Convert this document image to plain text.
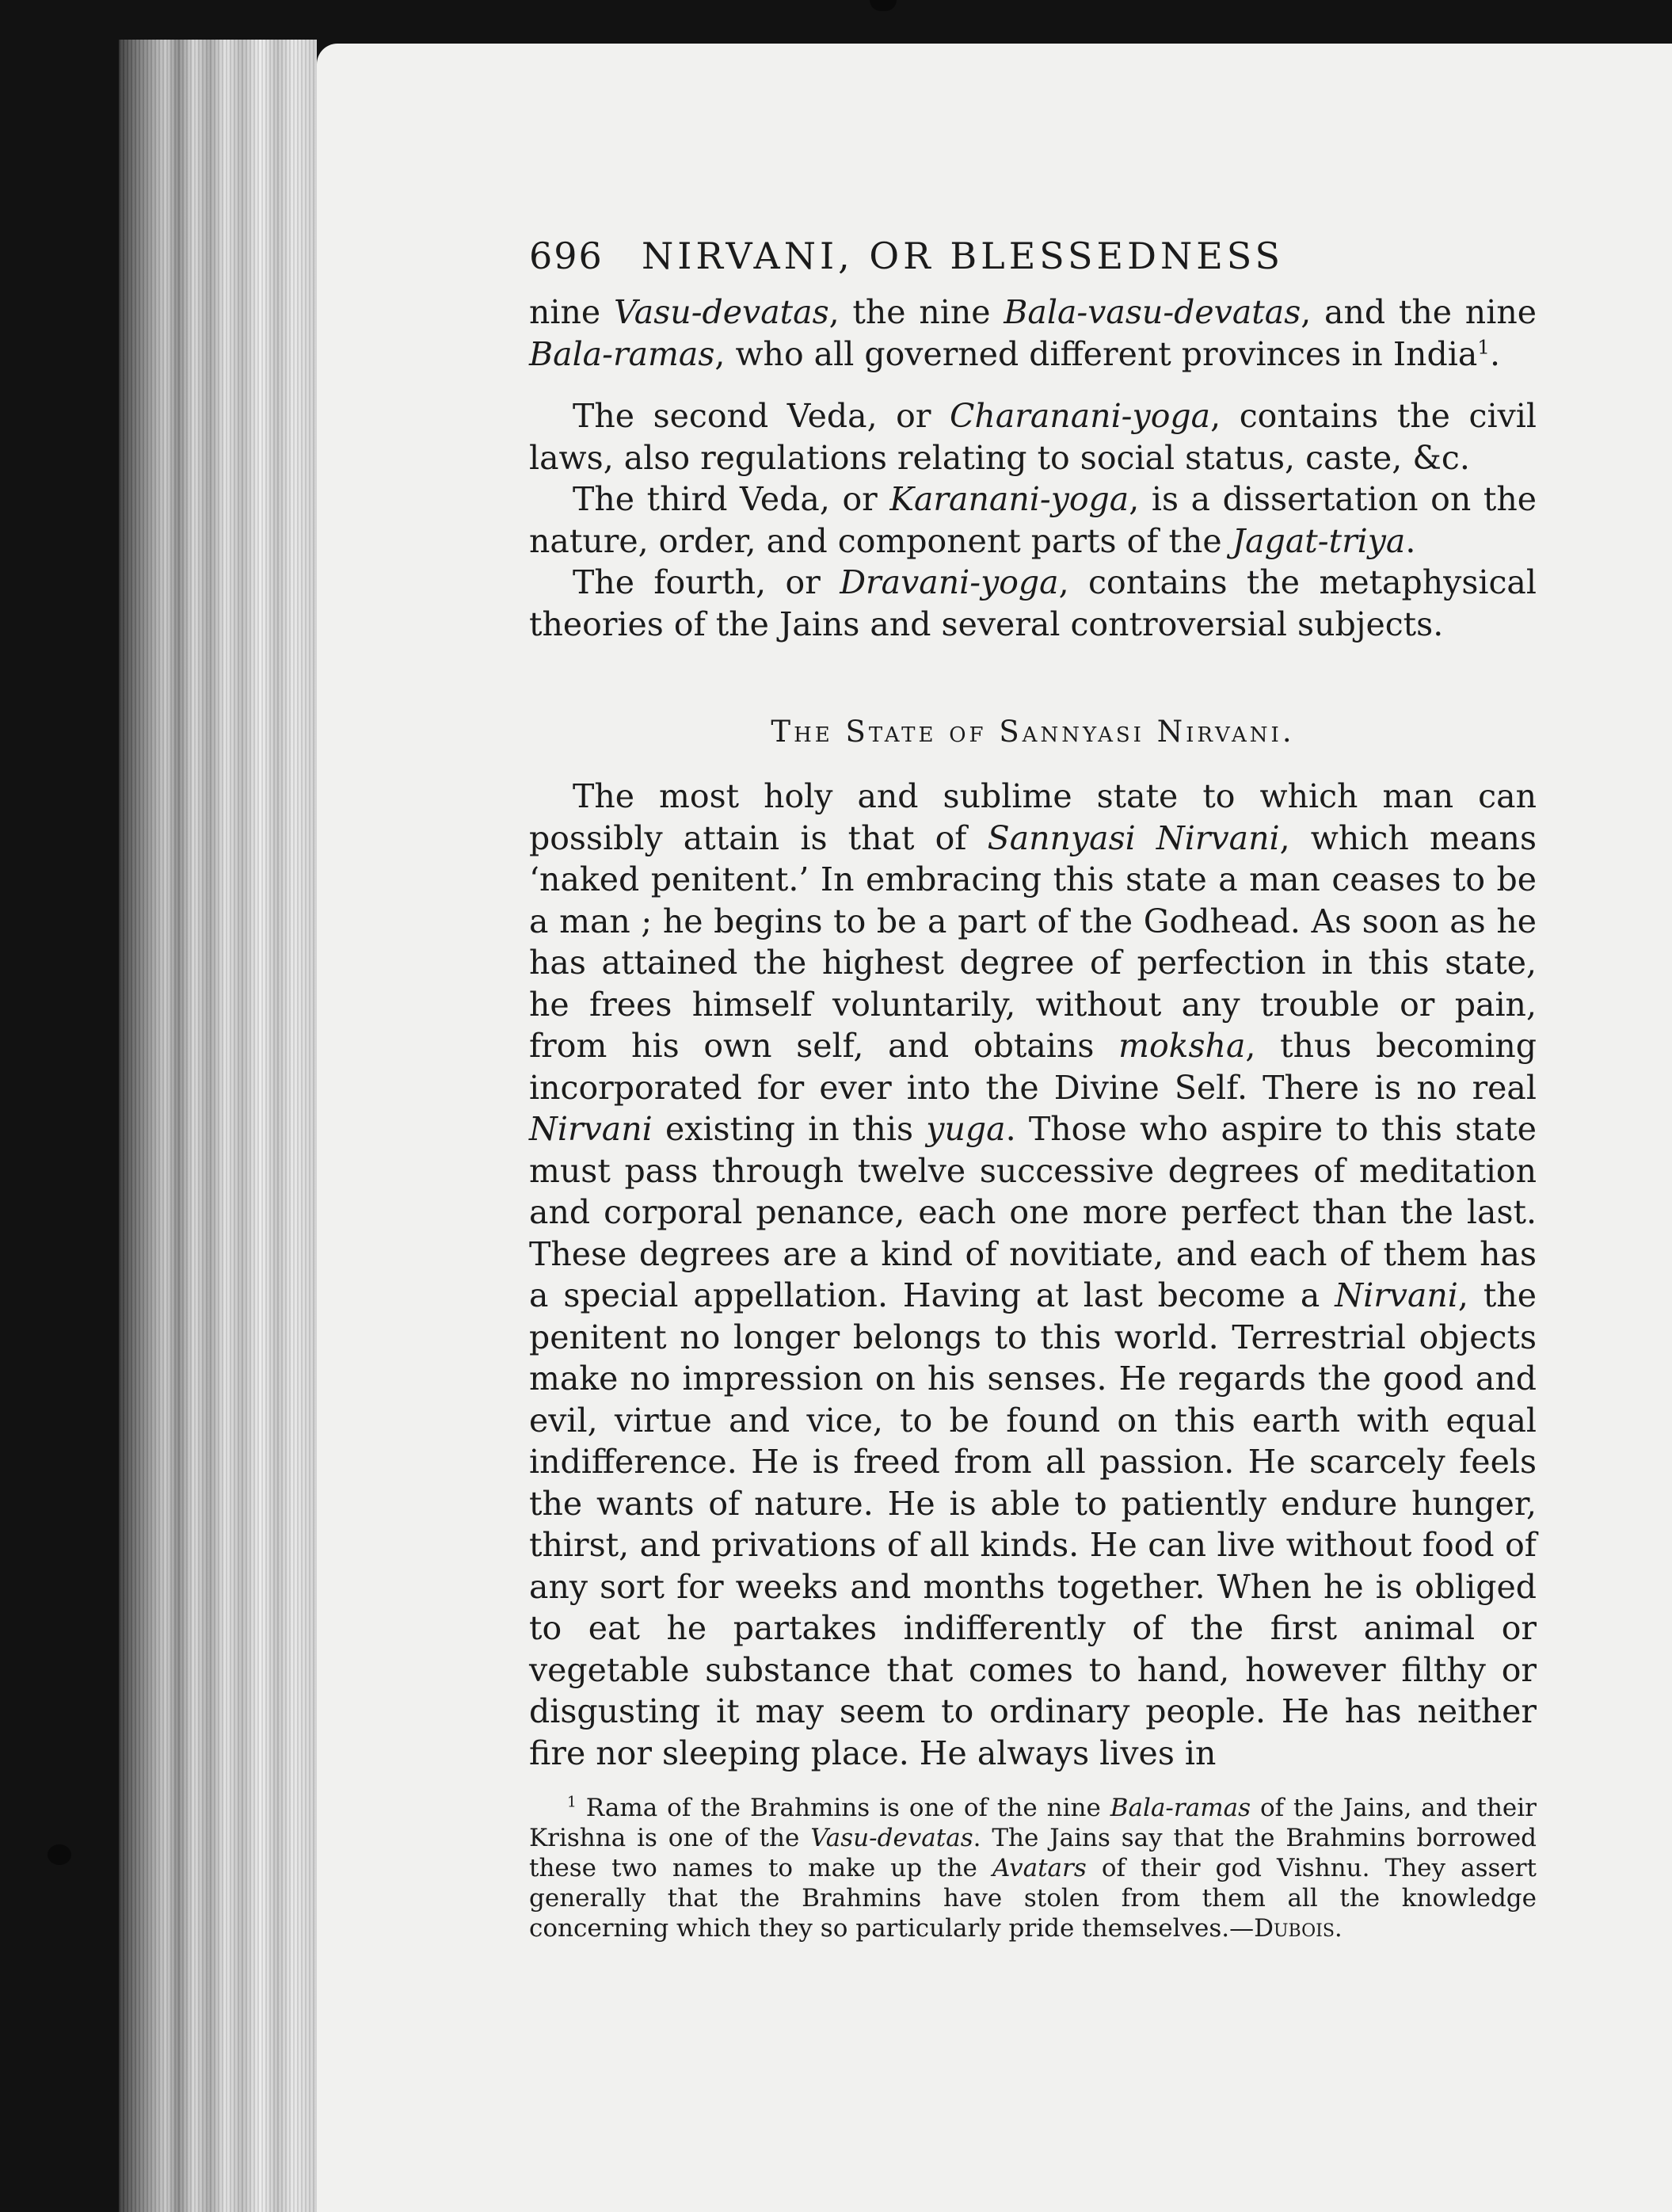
696 NIRVANI, OR BLESSEDNESS

nine Vasu-devatas, the nine Bala-vasu-devatas, and the nine Bala-ramas, who all governed different provinces in India$^1$.

The second Veda, or Charanani-yoga, contains the civil laws, also regulations relating to social status, caste, &c.

The third Veda, or Karanani-yoga, is a dissertation on the nature, order, and component parts of the Jagat-triya.

The fourth, or Dravani-yoga, contains the metaphysical theories of the Jains and several controversial subjects.

The State of Sannyasi Nirvani.

The most holy and sublime state to which man can possibly attain is that of Sannyasi Nirvani, which means ‘naked penitent.’ In embracing this state a man ceases to be a man ; he begins to be a part of the Godhead. As soon as he has attained the highest degree of perfection in this state, he frees himself voluntarily, without any trouble or pain, from his own self, and obtains moksha, thus becoming incorporated for ever into the Divine Self. There is no real Nirvani existing in this yuga. Those who aspire to this state must pass through twelve successive degrees of meditation and corporal penance, each one more perfect than the last. These degrees are a kind of novitiate, and each of them has a special appellation. Having at last become a Nirvani, the penitent no longer belongs to this world. Terrestrial objects make no impression on his senses. He regards the good and evil, virtue and vice, to be found on this earth with equal indifference. He is freed from all passion. He scarcely feels the wants of nature. He is able to patiently endure hunger, thirst, and privations of all kinds. He can live without food of any sort for weeks and months together. When he is obliged to eat he partakes indifferently of the first animal or vegetable substance that comes to hand, however filthy or disgusting it may seem to ordinary people. He has neither fire nor sleeping place. He always lives in

$^1$ Rama of the Brahmins is one of the nine Bala-ramas of the Jains, and their Krishna is one of the Vasu-devatas. The Jains say that the Brahmins borrowed these two names to make up the Avatars of their god Vishnu. They assert generally that the Brahmins have stolen from them all the knowledge concerning which they so particularly pride themselves.—Dubois.
